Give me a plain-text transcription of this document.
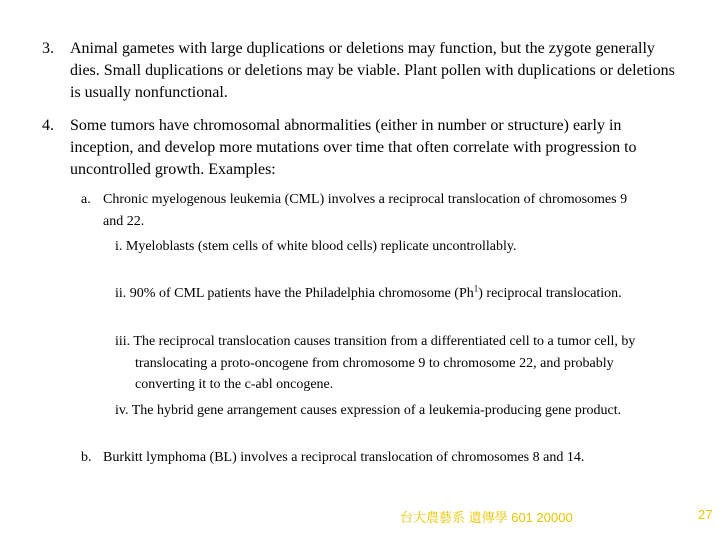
3. Animal gametes with large duplications or deletions may function, but the zygote generally dies. Small duplications or deletions may be viable. Plant pollen with duplications or deletions is usually nonfunctional.
4. Some tumors have chromosomal abnormalities (either in number or structure) early in inception, and develop more mutations over time that often correlate with progression to uncontrolled growth. Examples:
a. Chronic myelogenous leukemia (CML) involves a reciprocal translocation of chromosomes 9 and 22.
i. Myeloblasts (stem cells of white blood cells) replicate uncontrollably.
ii. 90% of CML patients have the Philadelphia chromosome (Ph$^1$) reciprocal translocation.
iii. The reciprocal translocation causes transition from a differentiated cell to a tumor cell, by translocating a proto-oncogene from chromosome 9 to chromosome 22, and probably converting it to the c-abl oncogene.
iv. The hybrid gene arrangement causes expression of a leukemia-producing gene product.
b. Burkitt lymphoma (BL) involves a reciprocal translocation of chromosomes 8 and 14.
台大農藝系 遺傳學 601 20000	27
